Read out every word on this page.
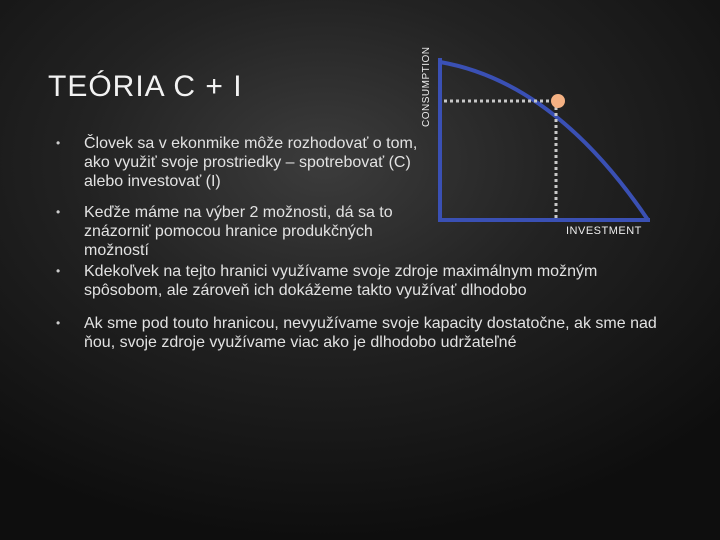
TEÓRIA C + I
• Človek sa v ekonmike môže rozhodovať o tom, ako využiť svoje prostriedky – spotrebovať (C) alebo investovať (I)
• Keďže máme na výber 2 možnosti, dá sa to znázorniť pomocou hranice produkčných možností
• Kdekoľvek na tejto hranici využívame svoje zdroje maximálnym možným spôsobom, ale zároveň ich dokážeme takto využívať dlhodobo
• Ak sme pod touto hranicou, nevyužívame svoje kapacity dostatočne, ak sme nad ňou, svoje zdroje využívame viac ako je dlhodobo udržateľné
CONSUMPTION
INVESTMENT
